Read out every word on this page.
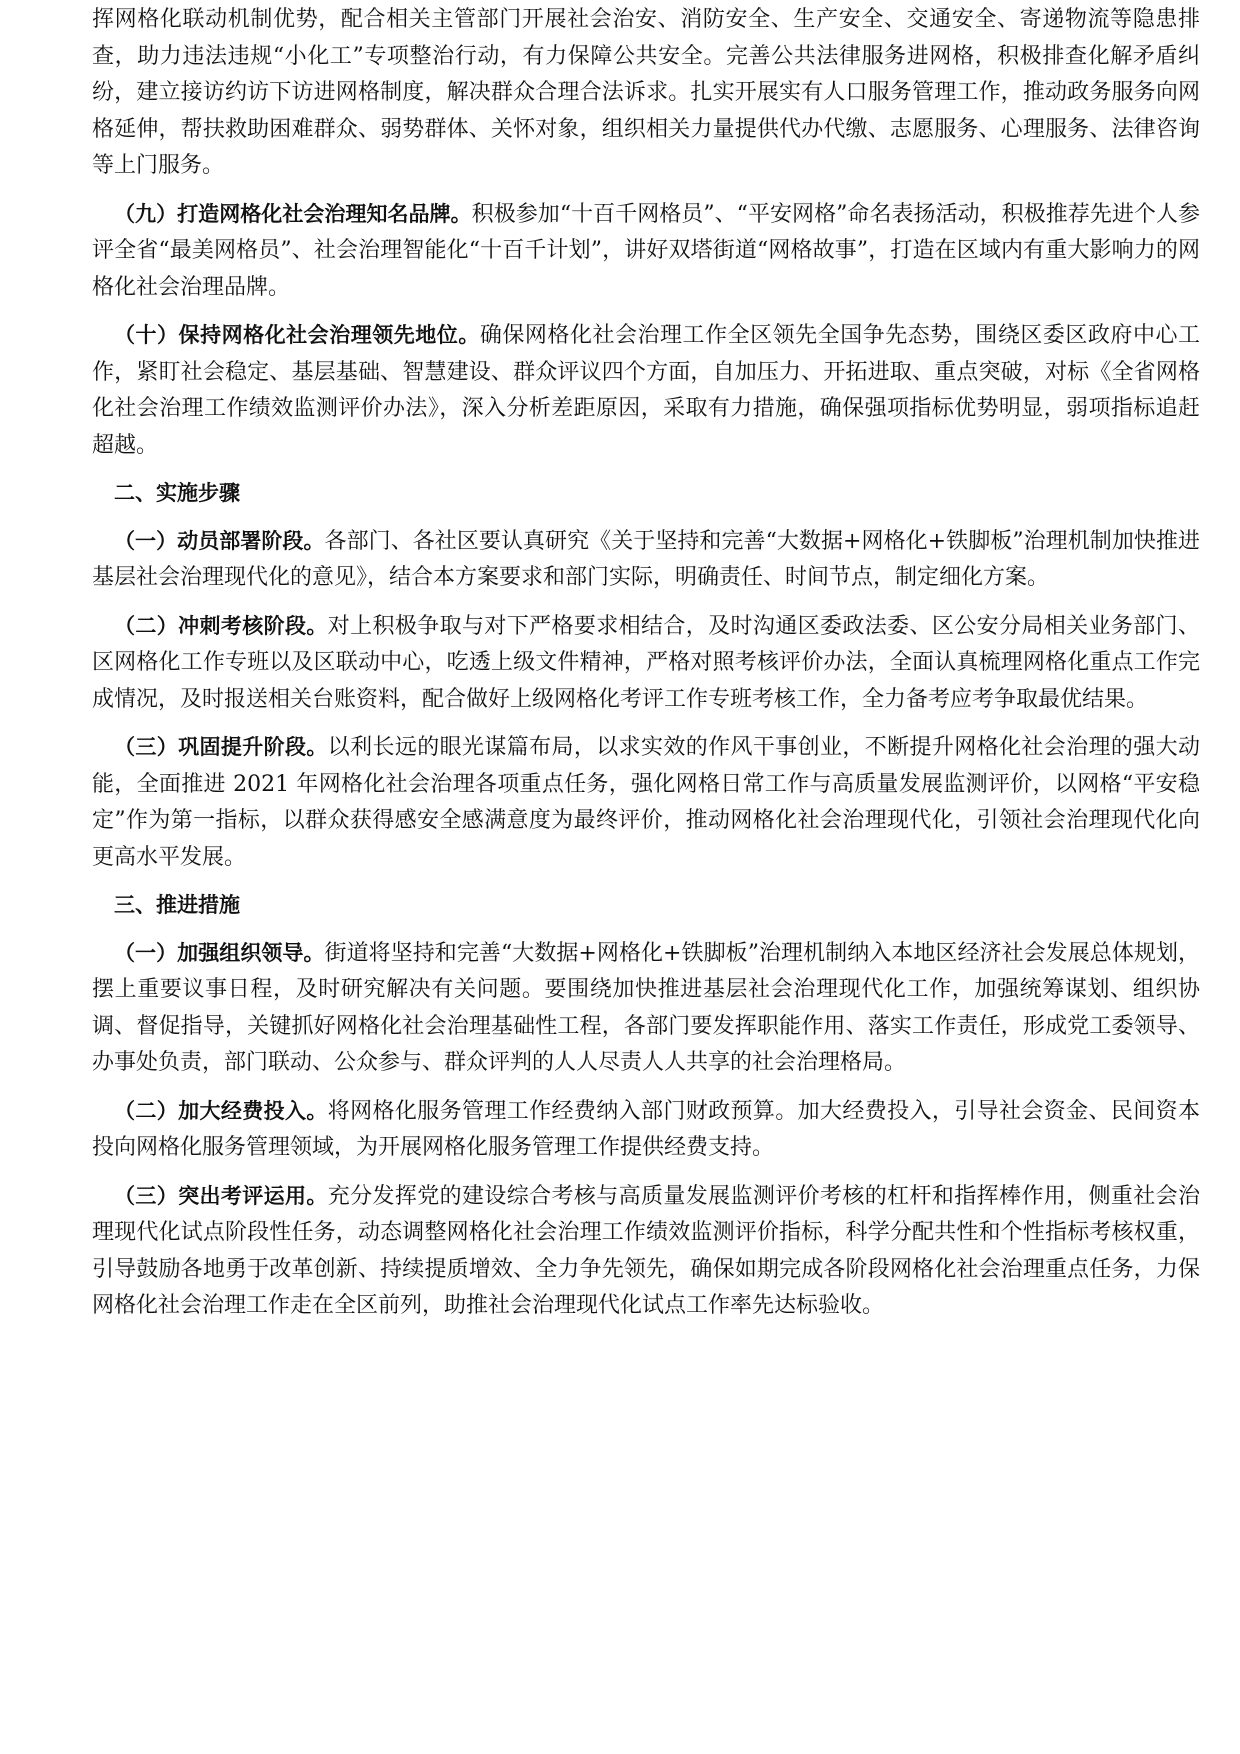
挥网格化联动机制优势，配合相关主管部门开展社会治安、消防安全、生产安全、交通安全、寄递物流等隐患排查，助力违法违规“小化工”专项整治行动，有力保障公共安全。完善公共法律服务进网格，积极排查化解矛盾纠纷，建立接访约访下访进网格制度，解决群众合理合法诉求。扎实开展实有人口服务管理工作，推动政务服务向网格延伸，帮扶救助困难群众、弱势群体、关怀对象，组织相关力量提供代办代缴、志愿服务、心理服务、法律咨询等上门服务。

（九）打造网格化社会治理知名品牌。积极参加“十百千网格员”、“平安网格”命名表扬活动，积极推荐先进个人参评全省“最美网格员”、社会治理智能化“十百千计划”，讲好双塔街道“网格故事”，打造在区域内有重大影响力的网格化社会治理品牌。

（十）保持网格化社会治理领先地位。确保网格化社会治理工作全区领先全国争先态势，围绕区委区政府中心工作，紧盯社会稳定、基层基础、智慧建设、群众评议四个方面，自加压力、开拓进取、重点突破，对标《全省网格化社会治理工作绩效监测评价办法》，深入分析差距原因，采取有力措施，确保强项指标优势明显，弱项指标追赶超越。

二、实施步骤

（一）动员部署阶段。各部门、各社区要认真研究《关于坚持和完善“大数据+网格化+铁脚板”治理机制加快推进基层社会治理现代化的意见》，结合本方案要求和部门实际，明确责任、时间节点，制定细化方案。

（二）冲刺考核阶段。对上积极争取与对下严格要求相结合，及时沟通区委政法委、区公安分局相关业务部门、区网格化工作专班以及区联动中心，吃透上级文件精神，严格对照考核评价办法，全面认真梳理网格化重点工作完成情况，及时报送相关台账资料，配合做好上级网格化考评工作专班考核工作，全力备考应考争取最优结果。

（三）巩固提升阶段。以利长远的眼光谋篇布局，以求实效的作风干事创业，不断提升网格化社会治理的强大动能，全面推进 2021 年网格化社会治理各项重点任务，强化网格日常工作与高质量发展监测评价，以网格“平安稳定”作为第一指标，以群众获得感安全感满意度为最终评价，推动网格化社会治理现代化，引领社会治理现代化向更高水平发展。

三、推进措施

（一）加强组织领导。街道将坚持和完善“大数据+网格化+铁脚板”治理机制纳入本地区经济社会发展总体规划，摆上重要议事日程，及时研究解决有关问题。要围绕加快推进基层社会治理现代化工作，加强统筹谋划、组织协调、督促指导，关键抓好网格化社会治理基础性工程，各部门要发挥职能作用、落实工作责任，形成党工委领导、办事处负责，部门联动、公众参与、群众评判的人人尽责人人共享的社会治理格局。

（二）加大经费投入。将网格化服务管理工作经费纳入部门财政预算。加大经费投入，引导社会资金、民间资本投向网格化服务管理领域，为开展网格化服务管理工作提供经费支持。

（三）突出考评运用。充分发挥党的建设综合考核与高质量发展监测评价考核的杠杆和指挥棒作用，侧重社会治理现代化试点阶段性任务，动态调整网格化社会治理工作绩效监测评价指标，科学分配共性和个性指标考核权重，引导鼓励各地勇于改革创新、持续提质增效、全力争先领先，确保如期完成各阶段网格化社会治理重点任务，力保网格化社会治理工作走在全区前列，助推社会治理现代化试点工作率先达标验收。
